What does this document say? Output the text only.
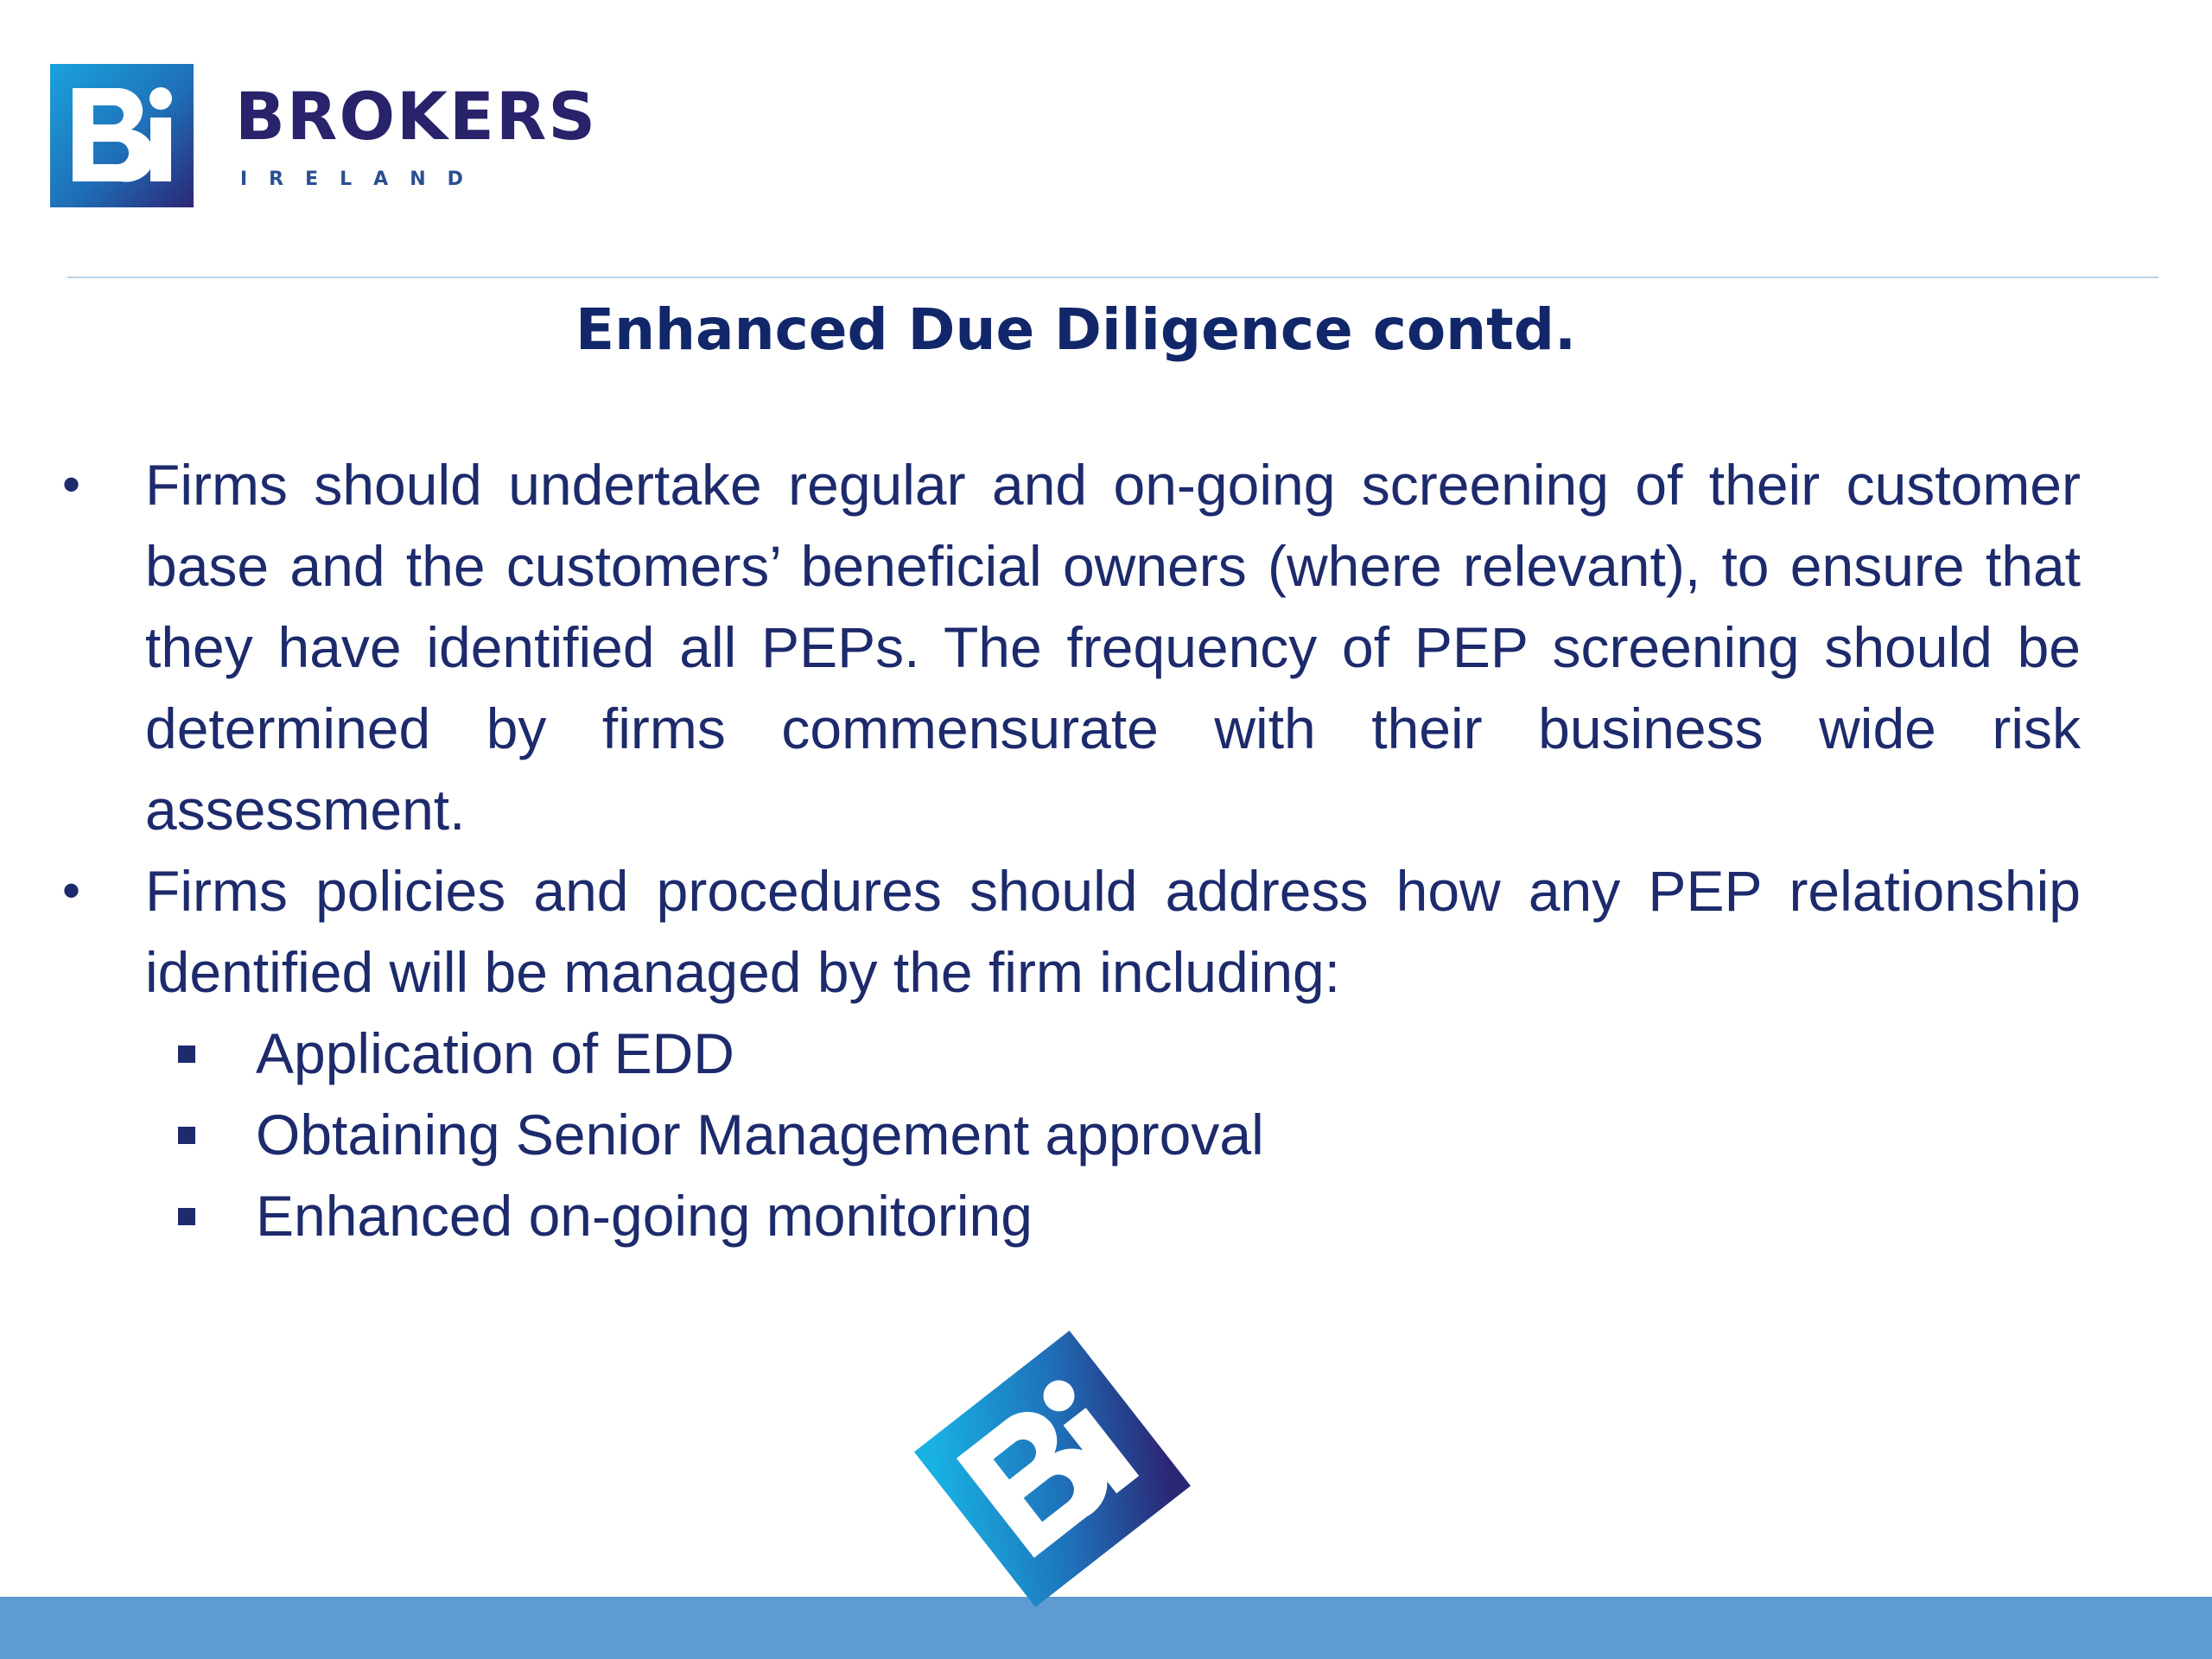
BROKERS
IRELAND
Enhanced Due Diligence contd.

• Firms should undertake regular and on-going screening of their customer base and the customers’ beneficial owners (where relevant), to ensure that they have identified all PEPs. The frequency of PEP screening should be determined by firms commensurate with their business wide risk assessment.

• Firms policies and procedures should address how any PEP relationship identified will be managed by the firm including:

Application of EDD
Obtaining Senior Management approval
Enhanced on-going monitoring
